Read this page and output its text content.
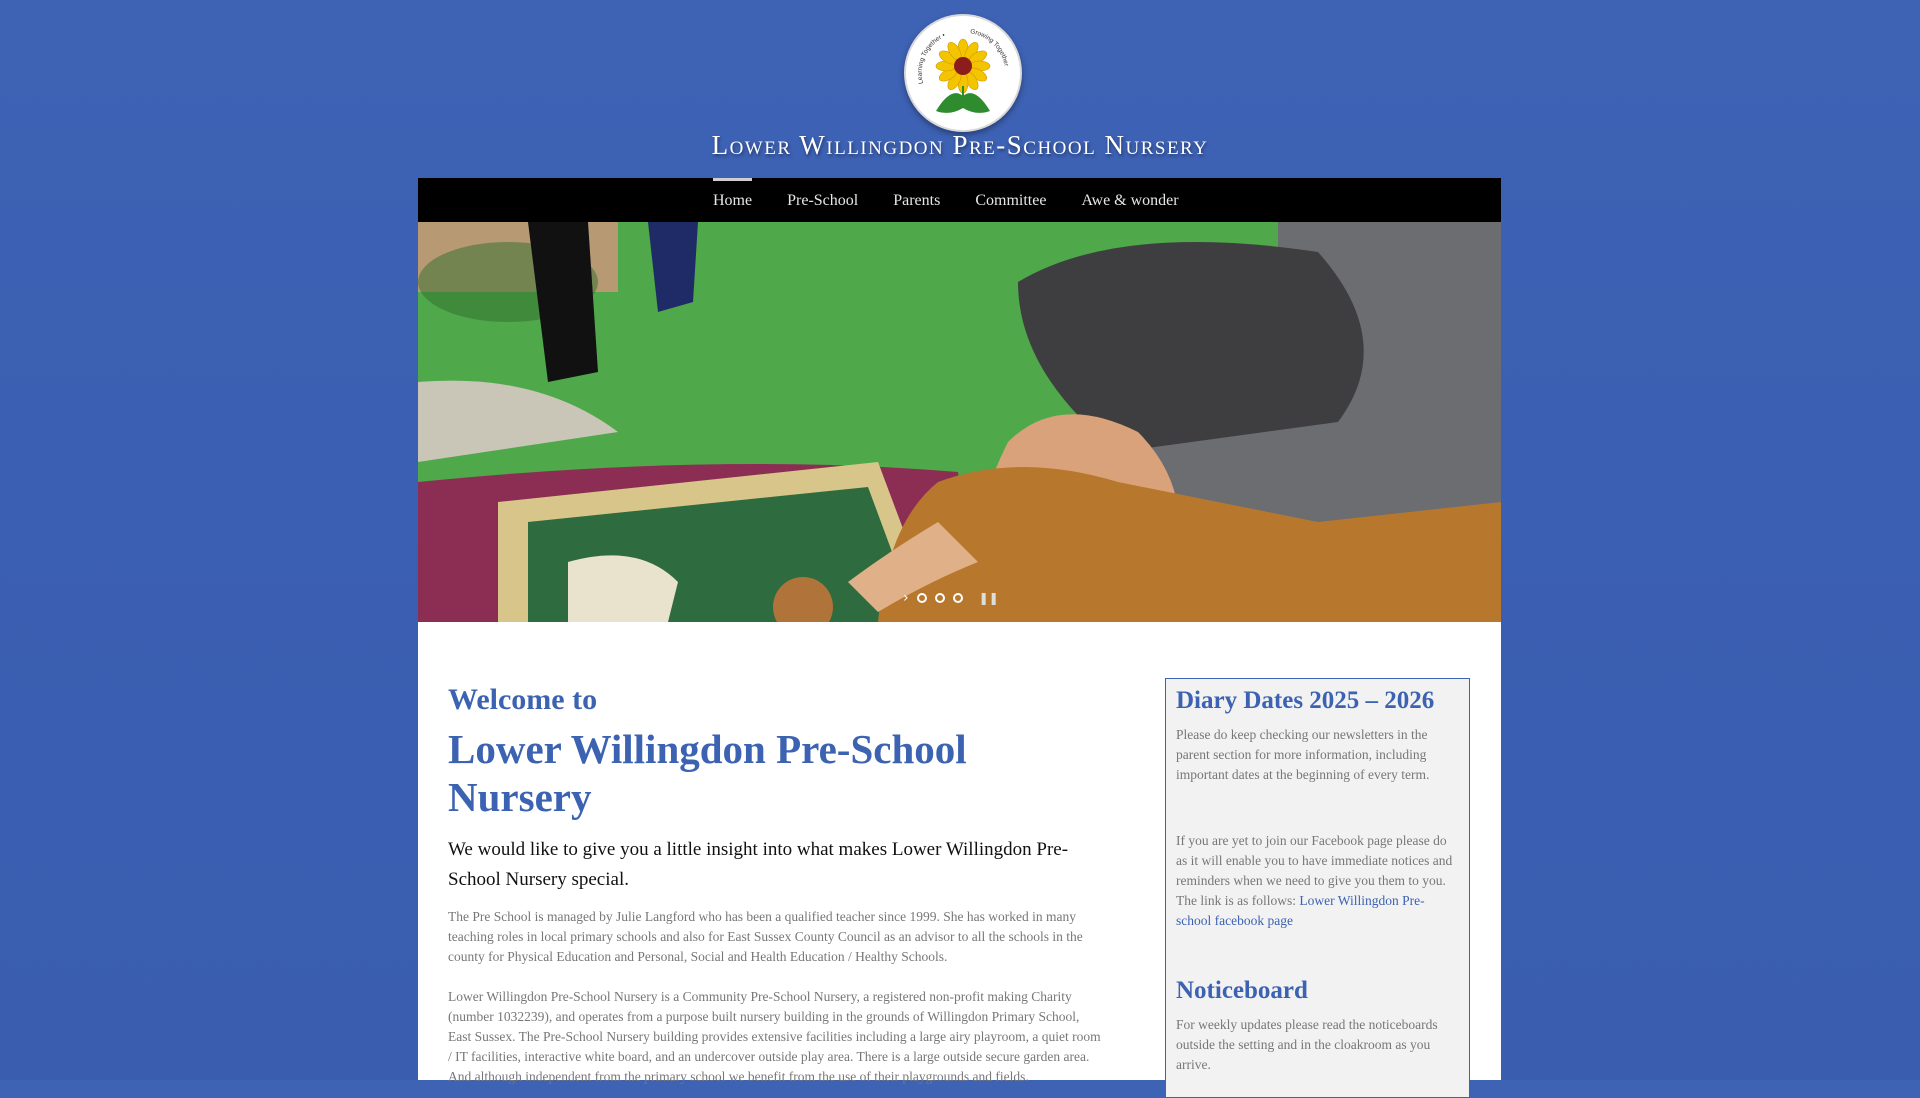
Learning Together •	Growing Together
Lower Willingdon Pre-School Nursery
Home Pre-School Parents Committee Awe & wonder
›	❚❚
Welcome to
Lower Willingdon Pre-School Nursery

We would like to give you a little insight into what makes Lower Willingdon Pre-School Nursery special.

The Pre School is managed by Julie Langford who has been a qualified teacher since 1999. She has worked in many teaching roles in local primary schools and also for East Sussex County Council as an advisor to all the schools in the county for Physical Education and Personal, Social and Health Education / Healthy Schools.

Lower Willingdon Pre-School Nursery is a Community Pre-School Nursery, a registered non-profit making Charity (number 1032239), and operates from a purpose built nursery building in the grounds of Willingdon Primary School, East Sussex. The Pre-School Nursery building provides extensive facilities including a large airy playroom, a quiet room / IT facilities, interactive white board, and an undercover outside play area. There is a large outside secure garden area. And although independent from the primary school we benefit from the use of their playgrounds and fields.

Diary Dates 2025 – 2026

Please do keep checking our newsletters in the parent section for more information, including important dates at the beginning of every term.

If you are yet to join our Facebook page please do as it will enable you to have immediate notices and reminders when we need to give you them to you. The link is as follows: Lower Willingdon Pre-school facebook page

Noticeboard

For weekly updates please read the noticeboards outside the setting and in the cloakroom as you arrive.
